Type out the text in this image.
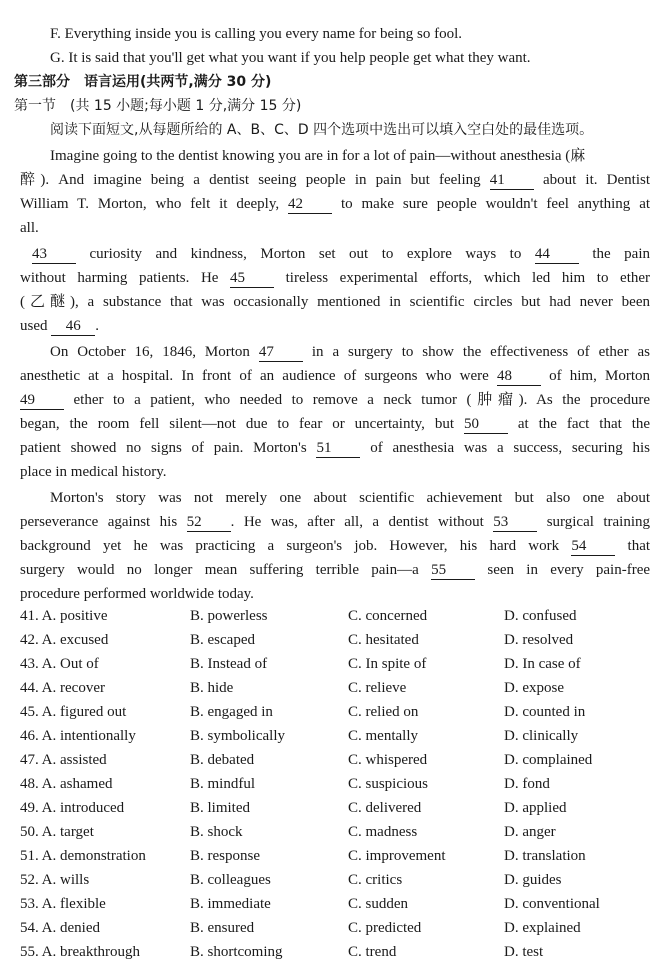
F. Everything inside you is calling you every name for being so fool.
G. It is said that you'll get what you want if you help people get what they want.
第三部分　语言运用(共两节,满分 30 分)
第一节　(共 15 小题;每小题 1 分,满分 15 分)
阅读下面短文,从每题所给的 A、B、C、D 四个选项中选出可以填入空白处的最佳选项。
Imagine going to the dentist knowing you are in for a lot of pain—without anesthesia (麻
醉). And imagine being a dentist seeing people in pain but feeling 41	about it. Dentist
William T. Morton, who felt it deeply, 42	to make sure people wouldn't feel anything at
all.
43	curiosity and kindness, Morton set out to explore ways to 44	the pain
without harming patients. He 45	tireless experimental efforts, which led him to ether
(乙醚), a substance that was occasionally mentioned in scientific circles but had never been
used 46 .
On October 16, 1846, Morton 47	in a surgery to show the effectiveness of ether as
anesthetic at a hospital. In front of an audience of surgeons who were 48 of him, Morton
49	ether to a patient, who needed to remove a neck tumor (肿瘤). As the procedure
began, the room fell silent—not due to fear or uncertainty, but 50	at the fact that the
patient showed no signs of pain. Morton's 51	of anesthesia was a success, securing his
place in medical history.
Morton's story was not merely one about scientific achievement but also one about
perseverance against his 52 . He was, after all, a dentist without 53	surgical training
background yet he was practicing a surgeon's job. However, his hard work 54	that
surgery would no longer mean suffering terrible pain—a 55	seen in every pain-free
procedure performed worldwide today.
41. A. positive	B. powerless	C. concerned	D. confused
42. A. excused	B. escaped	C. hesitated	D. resolved
43. A. Out of	B. Instead of	C. In spite of	D. In case of
44. A. recover	B. hide	C. relieve	D. expose
45. A. figured out	B. engaged in	C. relied on	D. counted in
46. A. intentionally	B. symbolically	C. mentally	D. clinically
47. A. assisted	B. debated	C. whispered	D. complained
48. A. ashamed	B. mindful	C. suspicious	D. fond
49. A. introduced	B. limited	C. delivered	D. applied
50. A. target	B. shock	C. madness	D. anger
51. A. demonstration	B. response	C. improvement	D. translation
52. A. wills	B. colleagues	C. critics	D. guides
53. A. flexible	B. immediate	C. sudden	D. conventional
54. A. denied	B. ensured	C. predicted	D. explained
55. A. breakthrough	B. shortcoming	C. trend	D. test
